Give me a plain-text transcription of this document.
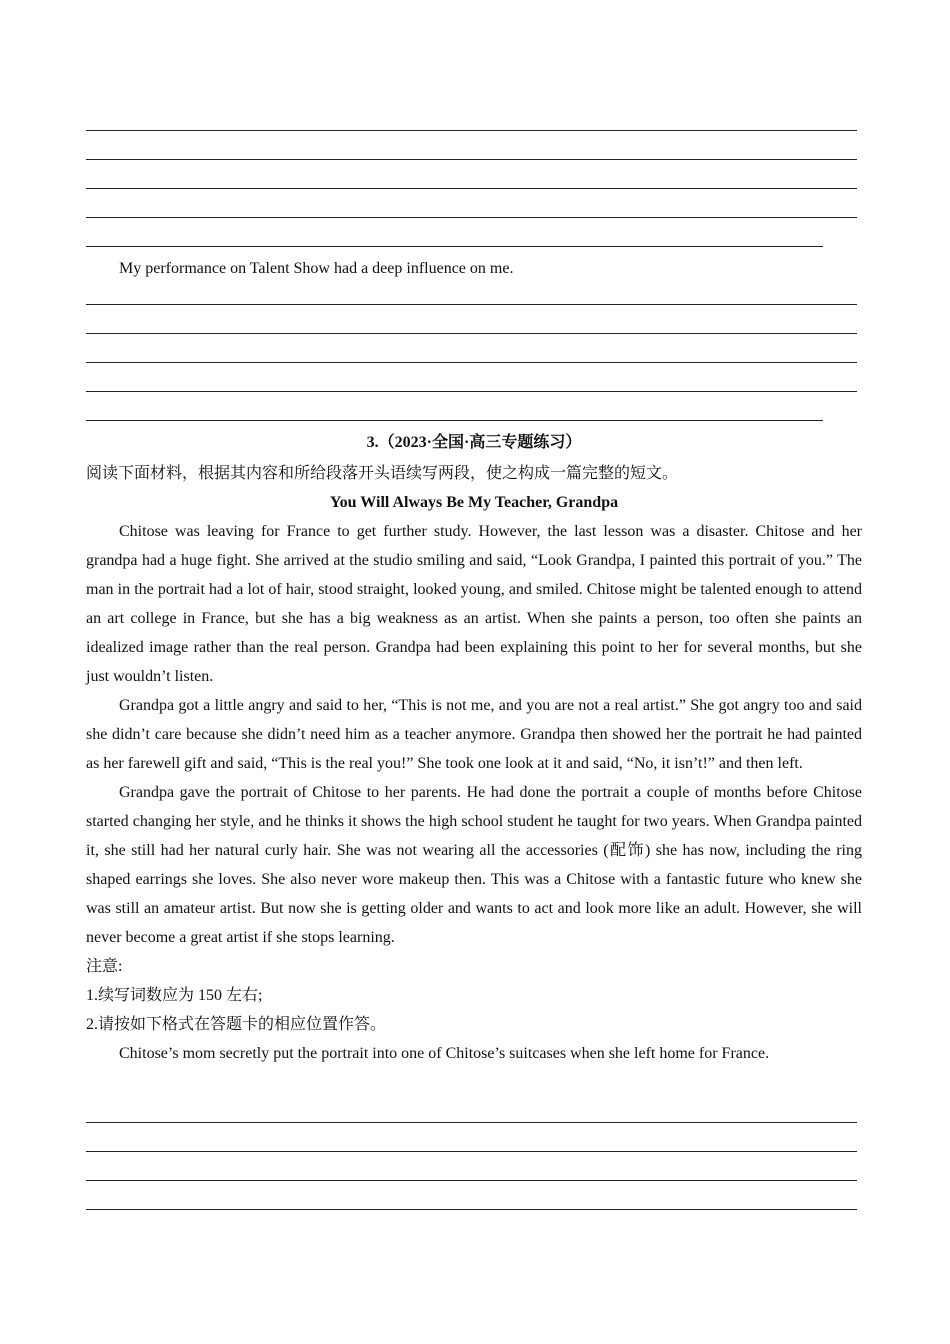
My performance on Talent Show had a deep influence on me.
3.（2023·全国·高三专题练习）
阅读下面材料，根据其内容和所给段落开头语续写两段，使之构成一篇完整的短文。
You Will Always Be My Teacher, Grandpa
Chitose was leaving for France to get further study. However, the last lesson was a disaster. Chitose and her grandpa had a huge fight. She arrived at the studio smiling and said, “Look Grandpa, I painted this portrait of you.” The man in the portrait had a lot of hair, stood straight, looked young, and smiled. Chitose might be talented enough to attend an art college in France, but she has a big weakness as an artist. When she paints a person, too often she paints an idealized image rather than the real person. Grandpa had been explaining this point to her for several months, but she just wouldn’t listen.
Grandpa got a little angry and said to her, “This is not me, and you are not a real artist.” She got angry too and said she didn’t care because she didn’t need him as a teacher anymore. Grandpa then showed her the portrait he had painted as her farewell gift and said, “This is the real you!” She took one look at it and said, “No, it isn’t!” and then left.
Grandpa gave the portrait of Chitose to her parents. He had done the portrait a couple of months before Chitose started changing her style, and he thinks it shows the high school student he taught for two years. When Grandpa painted it, she still had her natural curly hair. She was not wearing all the accessories (配饰) she has now, including the ring shaped earrings she loves. She also never wore makeup then. This was a Chitose with a fantastic future who knew she was still an amateur artist. But now she is getting older and wants to act and look more like an adult. However, she will never become a great artist if she stops learning.
注意:
1.续写词数应为 150 左右;
2.请按如下格式在答题卡的相应位置作答。
Chitose’s mom secretly put the portrait into one of Chitose’s suitcases when she left home for France.
